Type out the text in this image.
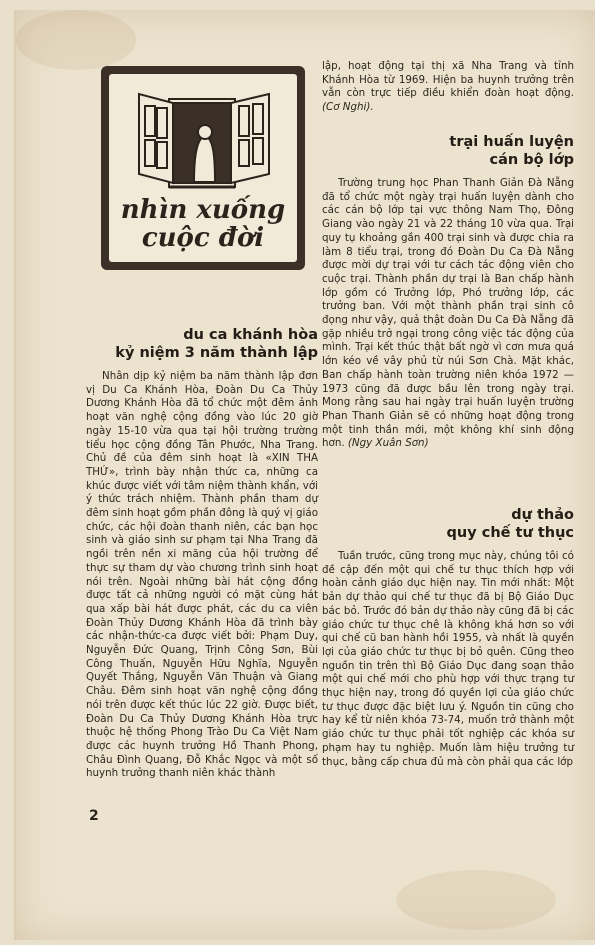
nhìn xuống
cuộc đời
du ca khánh hòa
kỷ niệm 3 năm thành lập

Nhân dịp kỷ niệm ba năm thành lập đơn vị Du Ca Khánh Hòa, Đoàn Du Ca Thủy Dương Khánh Hòa đã tổ chức một đêm ảnh hoạt văn nghệ cộng đồng vào lúc 20 giờ ngày 15-10 vừa qua tại hội trường trường tiểu học cộng đồng Tân Phước, Nha Trang. Chủ đề của đêm sinh hoạt là «XIN THA THỨ», trình bày nhận thức ca, những ca khúc được viết với tâm niệm thành khẩn, với ý thức trách nhiệm. Thành phần tham dự đêm sinh hoạt gồm phần đông là quý vị giáo chức, các hội đoàn thanh niên, các bạn học sinh và giáo sinh sư phạm tại Nha Trang đã ngồi trên nền xi măng của hội trường để thực sự tham dự vào chương trình sinh hoạt nói trên. Ngoài những bài hát cộng đồng được tất cả những người có mặt cùng hát qua xấp bài hát được phát, các du ca viên Đoàn Thủy Dương Khánh Hòa đã trình bày các nhận-thức-ca được viết bởi: Phạm Duy, Nguyễn Đức Quang, Trịnh Công Sơn, Bùi Công Thuấn, Nguyễn Hữu Nghĩa, Nguyễn Quyết Thắng, Nguyễn Văn Thuận và Giang Châu. Đêm sinh hoạt văn nghệ cộng đồng nói trên được kết thúc lúc 22 giờ. Được biết, Đoàn Du Ca Thủy Dương Khánh Hòa trực thuộc hệ thống Phong Trào Du Ca Việt Nam được các huynh trưởng Hồ Thanh Phong, Châu Đình Quang, Đỗ Khắc Ngọc và một số huynh trưởng thanh niên khác thành

lập, hoạt động tại thị xã Nha Trang và tỉnh Khánh Hòa từ 1969. Hiện ba huynh trưởng trên vẫn còn trực tiếp điều khiển đoàn hoạt động. (Cơ Nghi).

trại huấn luyện
cán bộ lớp

Trường trung học Phan Thanh Giản Đà Nẵng đã tổ chức một ngày trại huấn luyện dành cho các cán bộ lớp tại vực thông Nam Thọ, Đông Giang vào ngày 21 và 22 tháng 10 vừa qua. Trại quy tụ khoảng gần 400 trại sinh và được chia ra làm 8 tiểu trại, trong đó Đoàn Du Ca Đà Nẵng được mời dự trại với tư cách tác động viên cho cuộc trại. Thành phần dự trại là Ban chấp hành lớp gồm có Trưởng lớp, Phó trưởng lớp, các trưởng ban. Với một thành phần trại sinh cô đọng như vậy, quả thật đoàn Du Ca Đà Nẵng đã gặp nhiều trở ngại trong công việc tác động của mình. Trại kết thúc thật bất ngờ vì cơn mưa quá lớn kéo về vây phủ từ núi Sơn Chà. Mặt khác, Ban chấp hành toàn trường niên khóa 1972 — 1973 cũng đã được bầu lên trong ngày trại. Mong rằng sau hai ngày trại huấn luyện trường Phan Thanh Giản sẽ có những hoạt động trong một tinh thần mới, một không khí sinh động hơn. (Ngy Xuân Sơn)

dự thảo
quy chế tư thục

Tuần trước, cũng trong mục này, chúng tôi có đề cập đến một qui chế tư thục thích hợp với hoàn cảnh giáo dục hiện nay. Tin mới nhất: Một bản dự thảo qui chế tư thục đã bị Bộ Giáo Dục bác bỏ. Trước đó bản dự thảo này cũng đã bị các giáo chức tư thục chê là không khá hơn so với qui chế cũ ban hành hồi 1955, và nhất là quyền lợi của giáo chức tư thục bị bỏ quên. Cũng theo nguồn tin trên thì Bộ Giáo Dục đang soạn thảo một qui chế mới cho phù hợp với thực trạng tư thục hiện nay, trong đó quyền lợi của giáo chức tư thục được đặc biệt lưu ý. Nguồn tin cũng cho hay kể từ niên khóa 73-74, muốn trở thành một giáo chức tư thục phải tốt nghiệp các khóa sư phạm hay tu nghiệp. Muốn làm hiệu trưởng tư thục, bằng cấp chưa đủ mà còn phải qua các lớp

2
